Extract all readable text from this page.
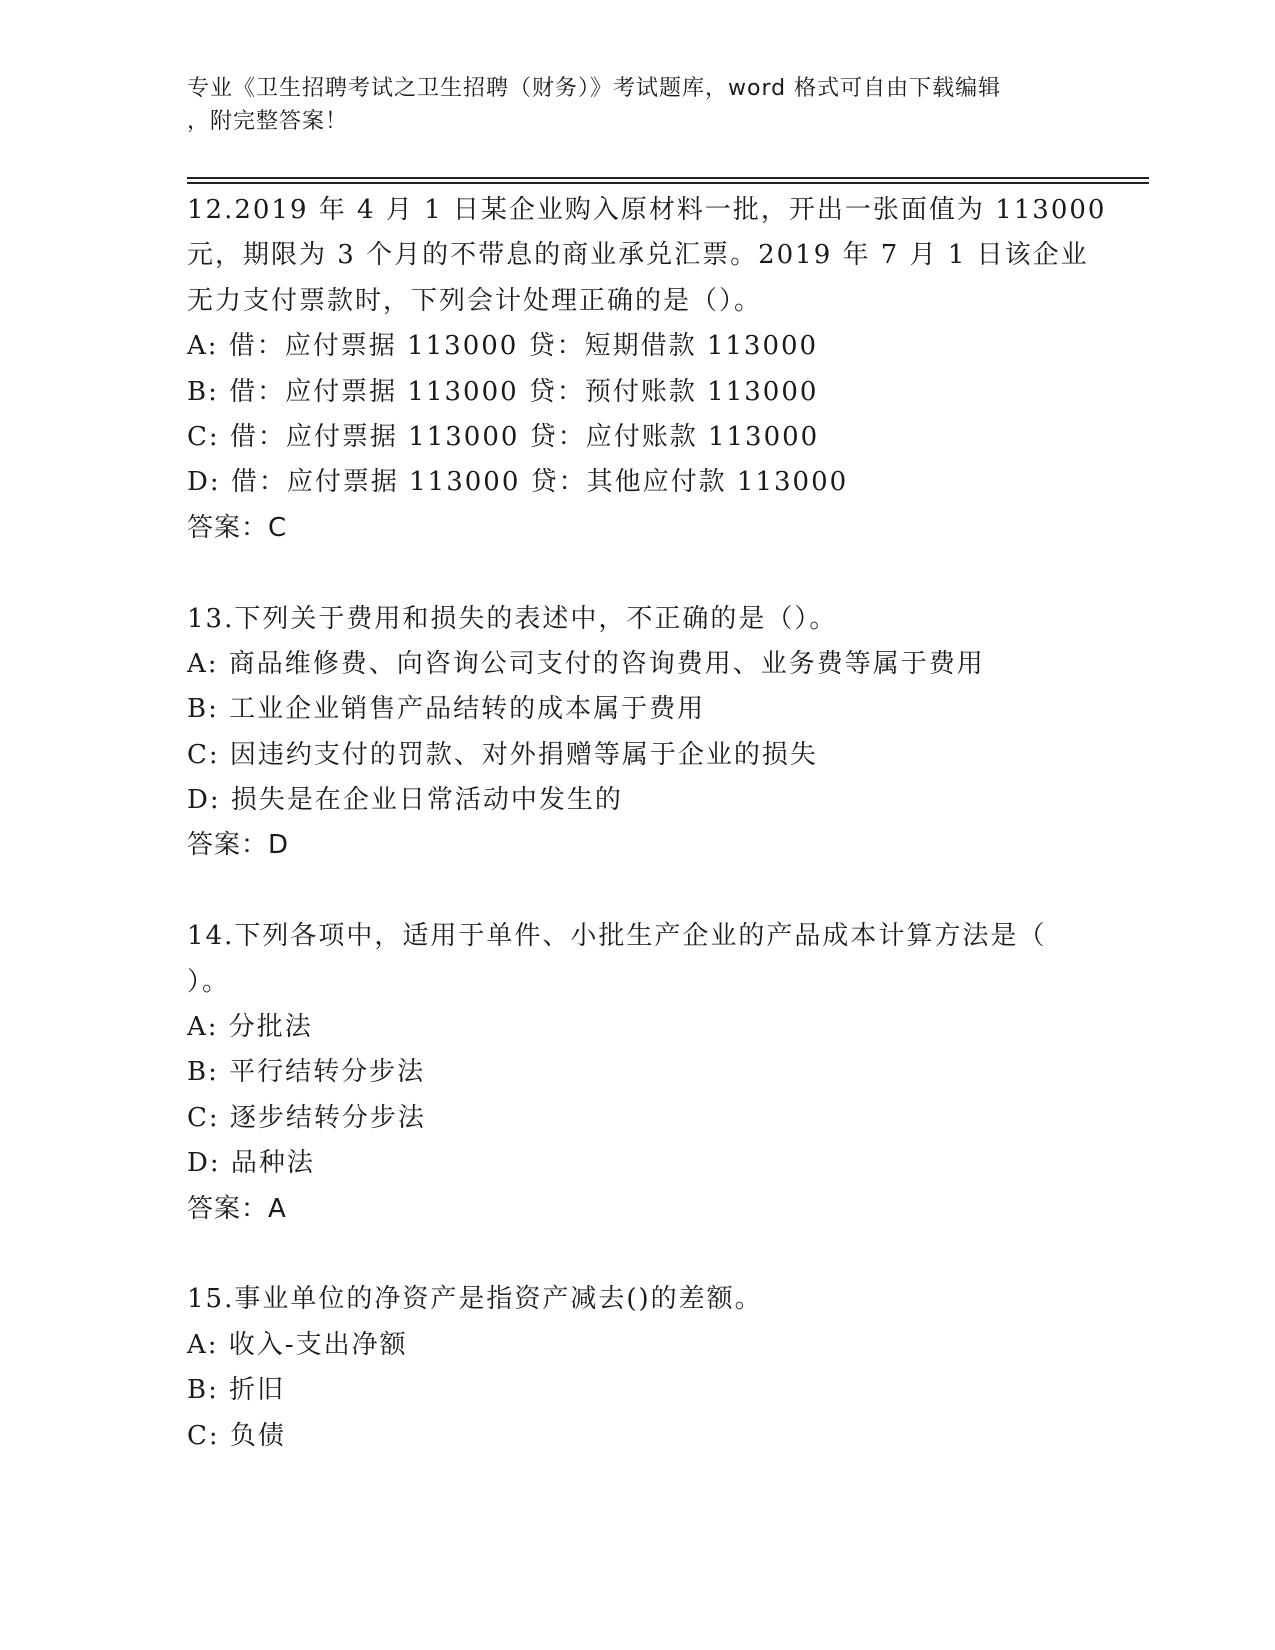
专业《卫生招聘考试之卫生招聘（财务）》考试题库，word 格式可自由下载编辑
，附完整答案！
12.2019 年 4 月 1 日某企业购入原材料一批，开出一张面值为 113000
元，期限为 3 个月的不带息的商业承兑汇票。2019 年 7 月 1 日该企业
无力支付票款时，下列会计处理正确的是（）。
A: 借：应付票据 113000 贷：短期借款 113000
B: 借：应付票据 113000 贷：预付账款 113000
C: 借：应付票据 113000 贷：应付账款 113000
D: 借：应付票据 113000 贷：其他应付款 113000
答案：C
13.下列关于费用和损失的表述中，不正确的是（）。
A: 商品维修费、向咨询公司支付的咨询费用、业务费等属于费用
B: 工业企业销售产品结转的成本属于费用
C: 因违约支付的罚款、对外捐赠等属于企业的损失
D: 损失是在企业日常活动中发生的
答案：D
14.下列各项中，适用于单件、小批生产企业的产品成本计算方法是（
）。
A: 分批法
B: 平行结转分步法
C: 逐步结转分步法
D: 品种法
答案：A
15.事业单位的净资产是指资产减去()的差额。
A: 收入-支出净额
B: 折旧
C: 负债
